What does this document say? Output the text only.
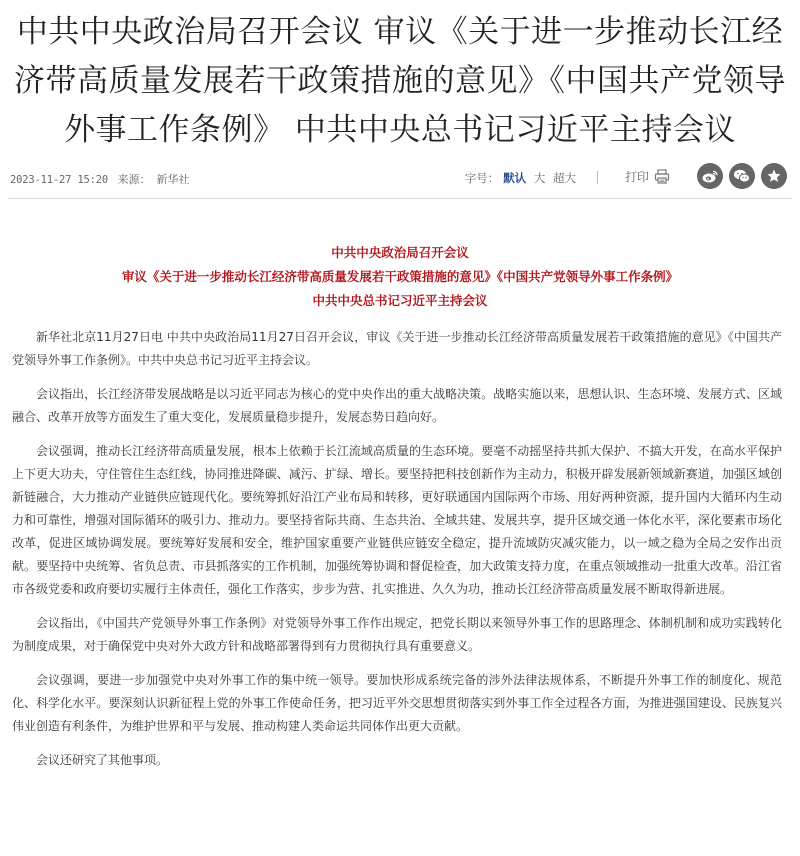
中共中央政治局召开会议 审议《关于进一步推动长江经济带高质量发展若干政策措施的意见》《中国共产党领导外事工作条例》 中共中央总书记习近平主持会议
2023-11-27 15:20 来源： 新华社	字号： 默认 大 超大	打印
中共中央政治局召开会议
审议《关于进一步推动长江经济带高质量发展若干政策措施的意见》《中国共产党领导外事工作条例》
中共中央总书记习近平主持会议

新华社北京11月27日电 中共中央政治局11月27日召开会议，审议《关于进一步推动长江经济带高质量发展若干政策措施的意见》《中国共产党领导外事工作条例》。中共中央总书记习近平主持会议。

会议指出，长江经济带发展战略是以习近平同志为核心的党中央作出的重大战略决策。战略实施以来，思想认识、生态环境、发展方式、区域融合、改革开放等方面发生了重大变化，发展质量稳步提升，发展态势日趋向好。

会议强调，推动长江经济带高质量发展，根本上依赖于长江流域高质量的生态环境。要毫不动摇坚持共抓大保护、不搞大开发，在高水平保护上下更大功夫，守住管住生态红线，协同推进降碳、减污、扩绿、增长。要坚持把科技创新作为主动力，积极开辟发展新领域新赛道，加强区域创新链融合，大力推动产业链供应链现代化。要统筹抓好沿江产业布局和转移，更好联通国内国际两个市场、用好两种资源，提升国内大循环内生动力和可靠性，增强对国际循环的吸引力、推动力。要坚持省际共商、生态共治、全域共建、发展共享，提升区域交通一体化水平，深化要素市场化改革，促进区域协调发展。要统筹好发展和安全，维护国家重要产业链供应链安全稳定，提升流域防灾减灾能力，以一域之稳为全局之安作出贡献。要坚持中央统筹、省负总责、市县抓落实的工作机制，加强统筹协调和督促检查，加大政策支持力度，在重点领域推动一批重大改革。沿江省市各级党委和政府要切实履行主体责任，强化工作落实，步步为营、扎实推进、久久为功，推动长江经济带高质量发展不断取得新进展。

会议指出，《中国共产党领导外事工作条例》对党领导外事工作作出规定，把党长期以来领导外事工作的思路理念、体制机制和成功实践转化为制度成果，对于确保党中央对外大政方针和战略部署得到有力贯彻执行具有重要意义。

会议强调，要进一步加强党中央对外事工作的集中统一领导。要加快形成系统完备的涉外法律法规体系，不断提升外事工作的制度化、规范化、科学化水平。要深刻认识新征程上党的外事工作使命任务，把习近平外交思想贯彻落实到外事工作全过程各方面，为推进强国建设、民族复兴伟业创造有利条件，为维护世界和平与发展、推动构建人类命运共同体作出更大贡献。

会议还研究了其他事项。
